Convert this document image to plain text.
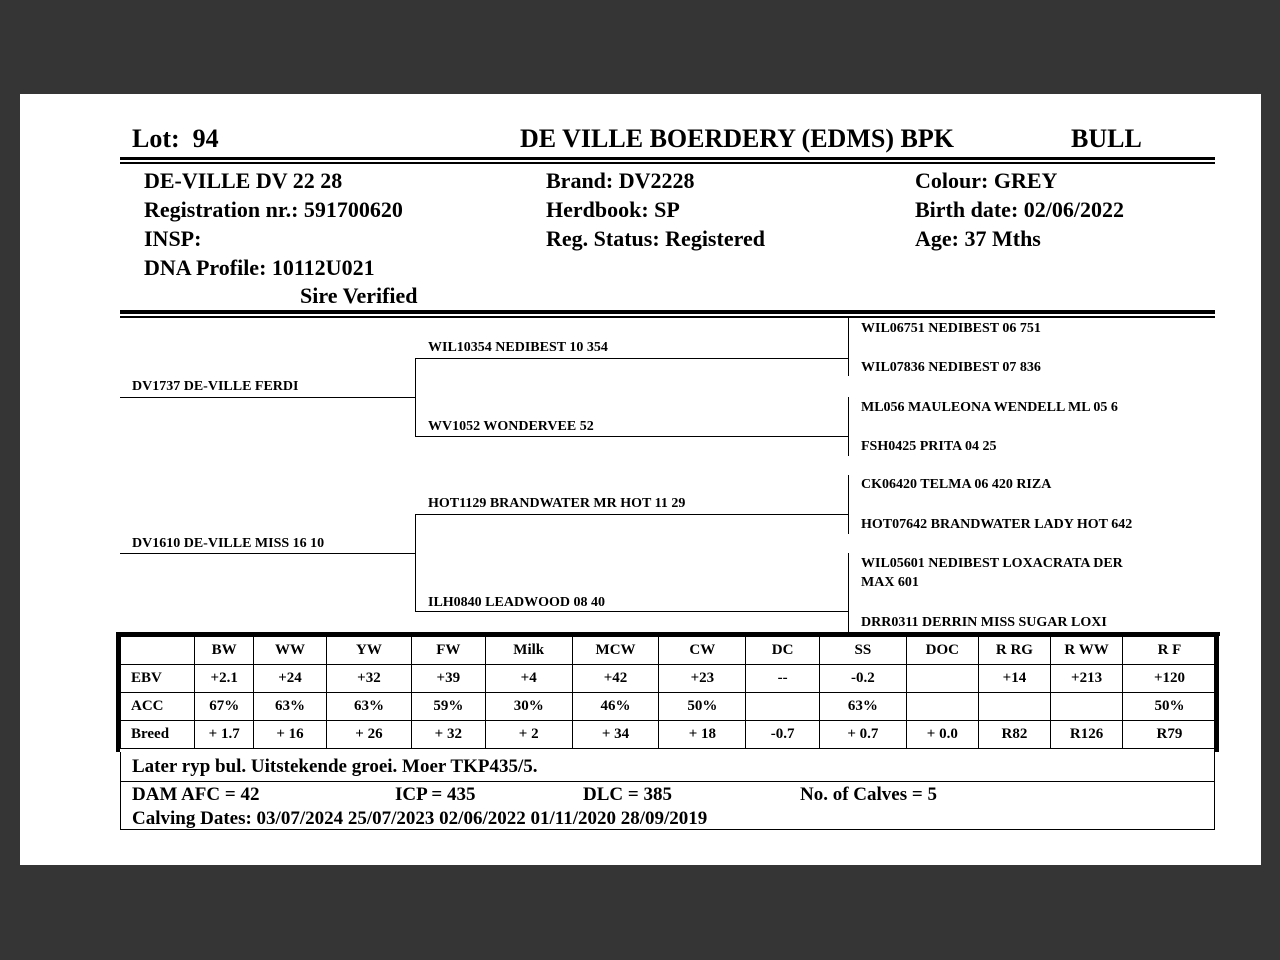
Lot: 94	DE VILLE BOERDERY (EDMS) BPK	BULL
DE-VILLE DV 22 28
Registration nr.: 591700620
INSP:
DNA Profile: 10112U021
Sire Verified
Brand: DV2228
Herdbook: SP
Reg. Status: Registered
Colour: GREY
Birth date: 02/06/2022
Age: 37 Mths
DV1737 DE-VILLE FERDI
DV1610 DE-VILLE MISS 16 10
WIL10354 NEDIBEST 10 354
WV1052 WONDERVEE 52
HOT1129 BRANDWATER MR HOT 11 29
ILH0840 LEADWOOD 08 40
WIL06751 NEDIBEST 06 751
WIL07836 NEDIBEST 07 836
ML056 MAULEONA WENDELL ML 05 6
FSH0425 PRITA 04 25
CK06420 TELMA 06 420 RIZA
HOT07642 BRANDWATER LADY HOT 642
WIL05601 NEDIBEST LOXACRATA DER
MAX 601
DRR0311 DERRIN MISS SUGAR LOXI
	BW	WW	YW	FW	Milk	MCW	CW	DC	SS	DOC	R RG	R WW	R F
EBV	+2.1	+24	+32	+39	+4	+42	+23	--	-0.2		+14	+213	+120
ACC	67%	63%	63%	59%	30%	46%	50%		63%				50%
Breed	+ 1.7	+ 16	+ 26	+ 32	+ 2	+ 34	+ 18	-0.7	+ 0.7	+ 0.0	R82	R126	R79
Later ryp bul. Uitstekende groei. Moer TKP435/5.
DAM AFC = 42	ICP = 435	DLC = 385	No. of Calves = 5
Calving Dates: 03/07/2024 25/07/2023 02/06/2022 01/11/2020 28/09/2019
